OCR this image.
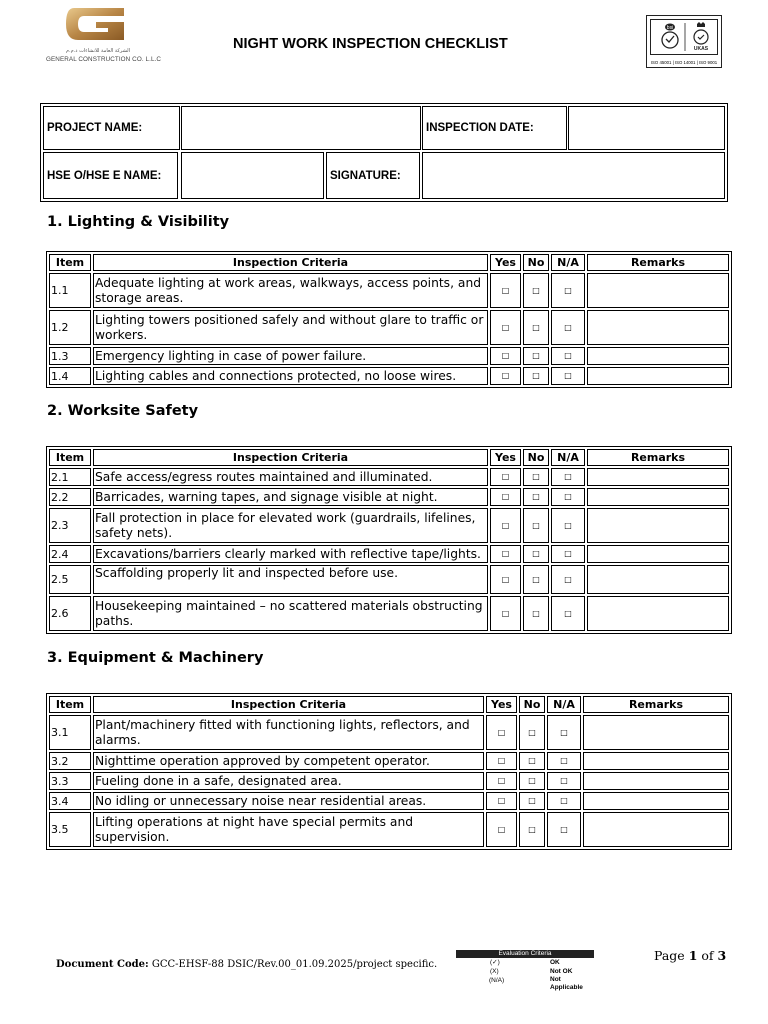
الشركة العامة للانشاءات ذ.م.م
GENERAL CONSTRUCTION CO. L.L.C
NIGHT WORK INSPECTION CHECKLIST
bsi
UKAS
ISO 45001 | ISO 14001 | ISO 9001
PROJECT NAME:	INSPECTION DATE:
HSE O/HSE E NAME:	SIGNATURE:
1. Lighting & Visibility
Item	Inspection Criteria	Yes	No	N/A	Remarks
1.1	Adequate lighting at work areas, walkways, access points, and storage areas.	□	□	□	
1.2	Lighting towers positioned safely and without glare to traffic or workers.	□	□	□	
1.3	Emergency lighting in case of power failure.	□	□	□	
1.4	Lighting cables and connections protected, no loose wires.	□	□	□	
2. Worksite Safety
Item	Inspection Criteria	Yes	No	N/A	Remarks
2.1	Safe access/egress routes maintained and illuminated.	□	□	□	
2.2	Barricades, warning tapes, and signage visible at night.	□	□	□	
2.3	Fall protection in place for elevated work (guardrails, lifelines, safety nets).	□	□	□	
2.4	Excavations/barriers clearly marked with reflective tape/lights.	□	□	□	
2.5	Scaffolding properly lit and inspected before use.	□	□	□	
2.6	Housekeeping maintained – no scattered materials obstructing paths.	□	□	□	
3. Equipment & Machinery
Item	Inspection Criteria	Yes	No	N/A	Remarks
3.1	Plant/machinery fitted with functioning lights, reflectors, and alarms.	□	□	□	
3.2	Nighttime operation approved by competent operator.	□	□	□	
3.3	Fueling done in a safe, designated area.	□	□	□	
3.4	No idling or unnecessary noise near residential areas.	□	□	□	
3.5	Lifting operations at night have special permits and supervision.	□	□	□	
Document Code: GCC-EHSF-88 DSIC/Rev.00_01.09.2025/project specific.
Evaluation Criteria
(✓)	OK
(X)	Not OK
(N/A)	Not Applicable
Page 1 of 3
